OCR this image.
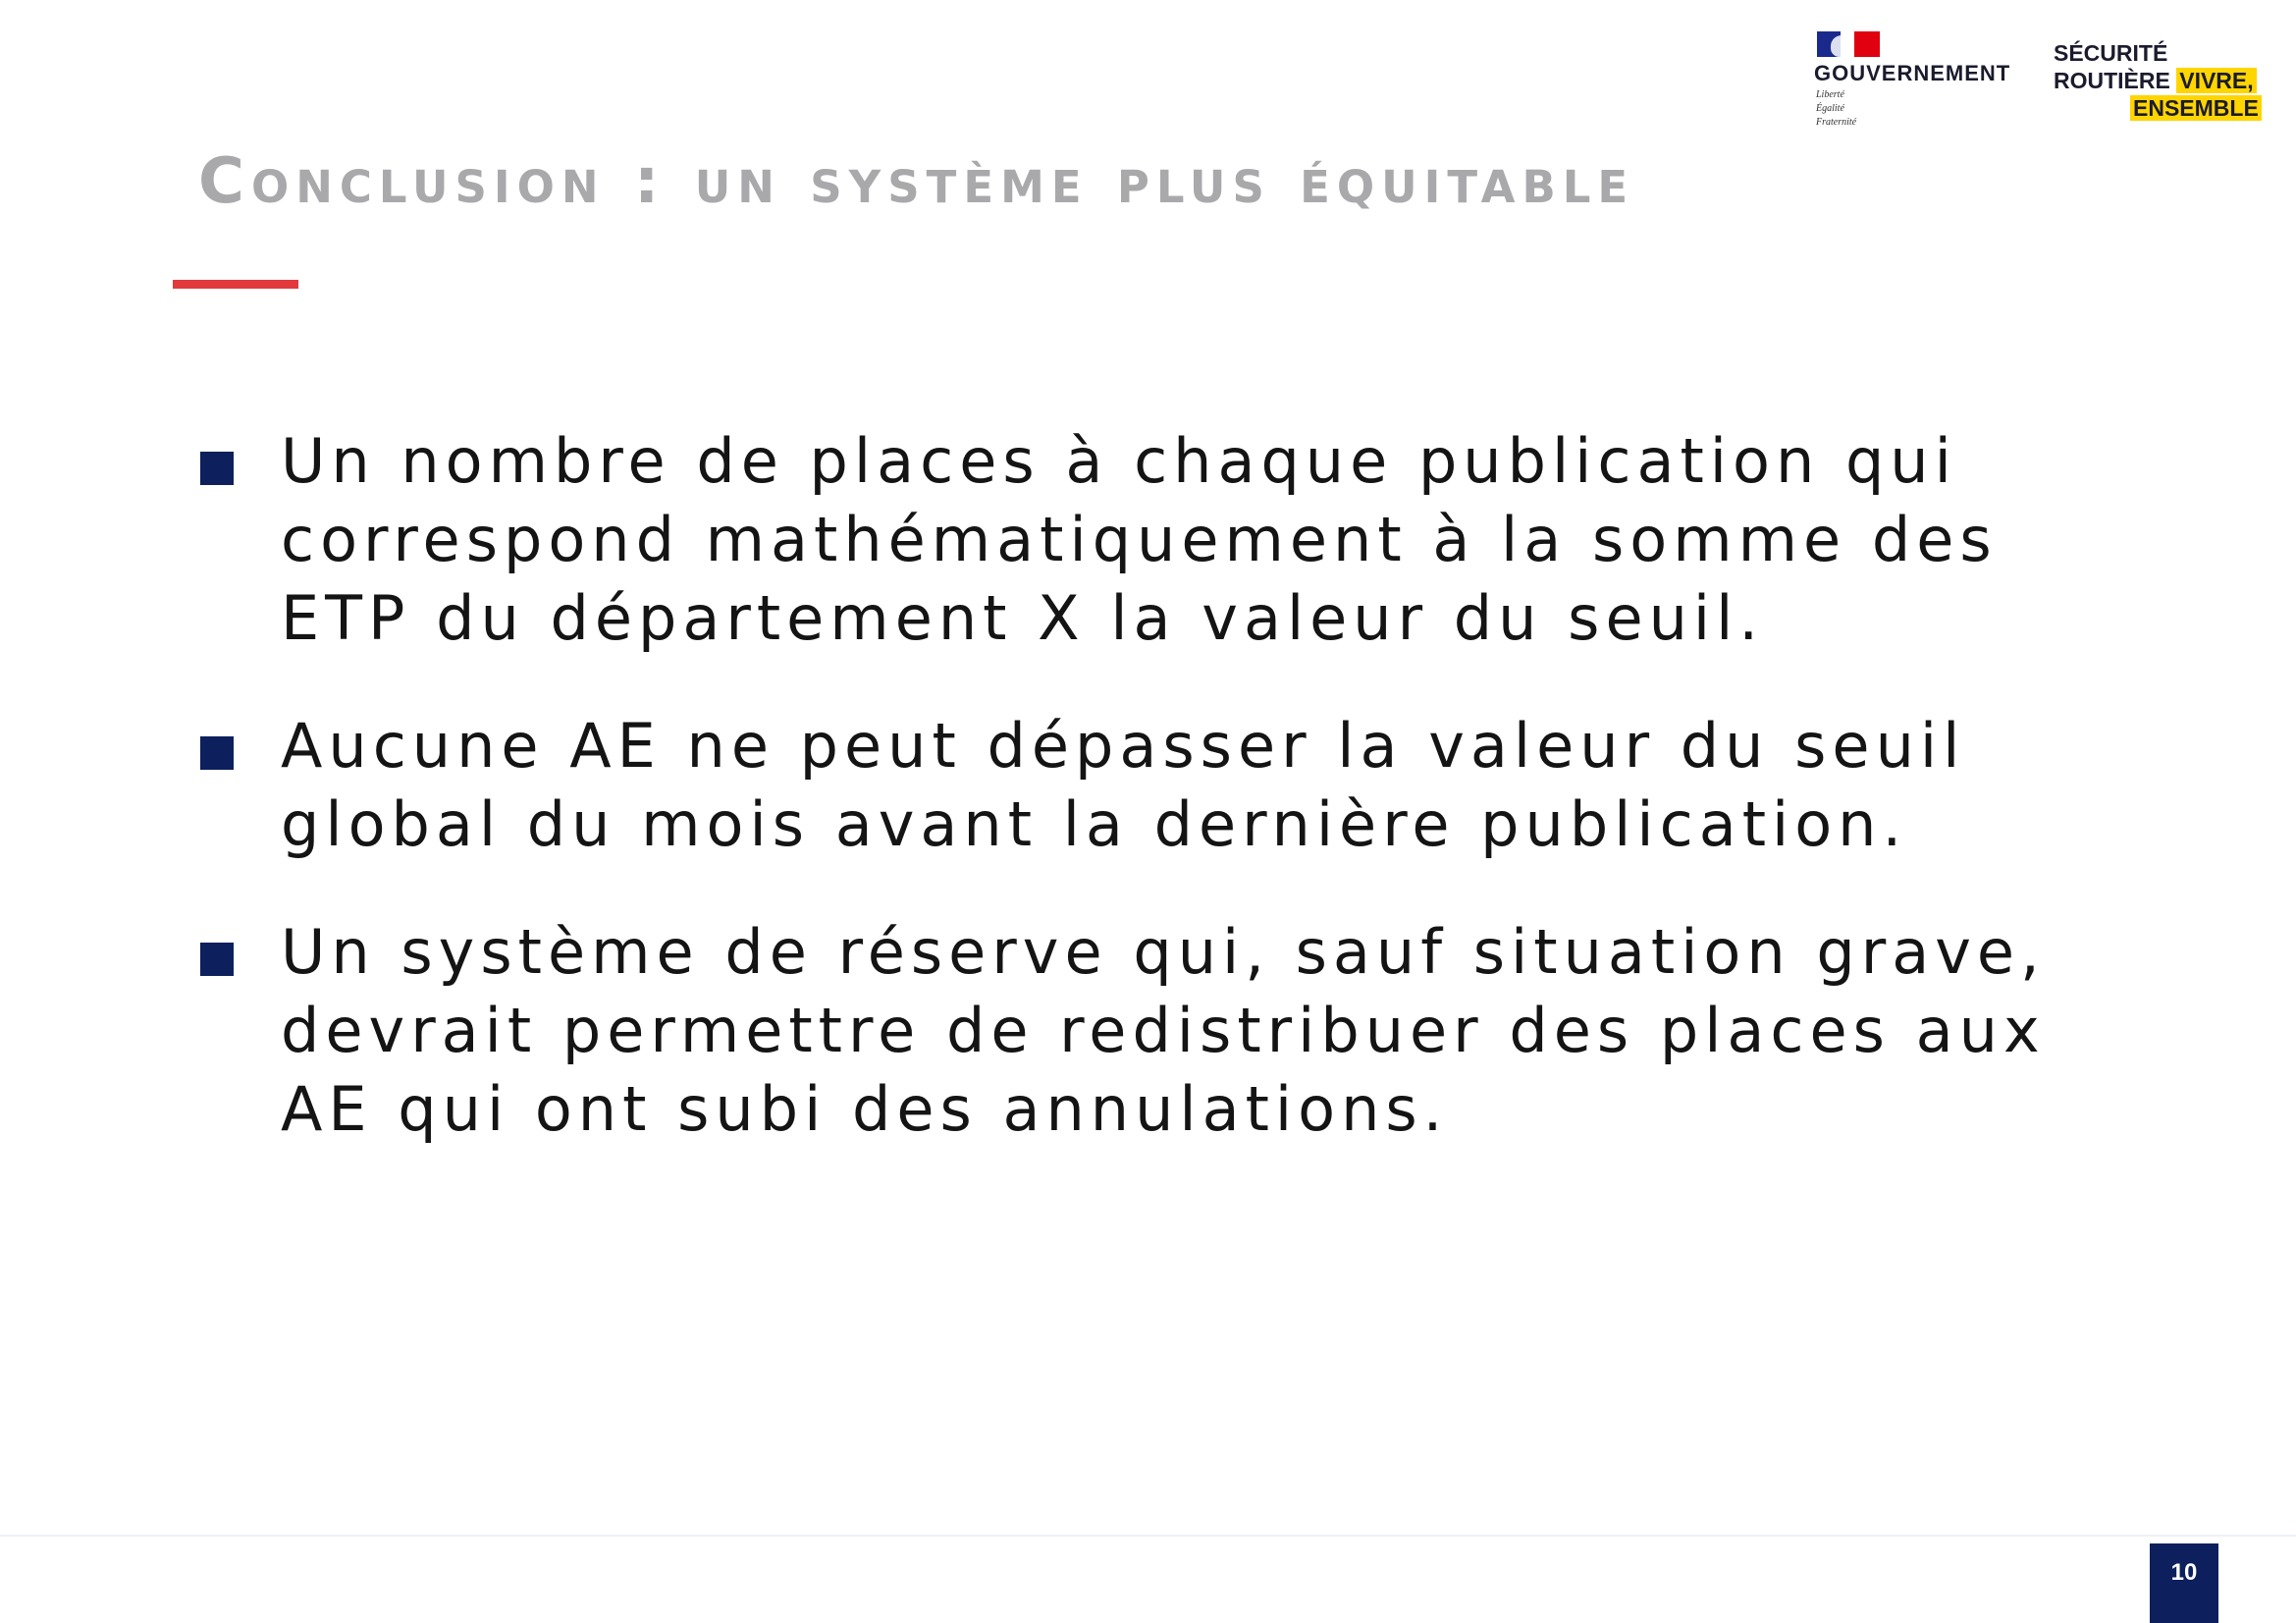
GOUVERNEMENT
Liberté
Égalité
Fraternité
SÉCURITÉ
ROUTIÈRE VIVRE,
ENSEMBLE
Conclusion : un système plus équitable
Un nombre de places à chaque publication qui
correspond mathématiquement à la somme des
ETP du département X la valeur du seuil.
Aucune AE ne peut dépasser la valeur du seuil
global du mois avant la dernière publication.
Un système de réserve qui, sauf situation grave,
devrait permettre de redistribuer des places aux
AE qui ont subi des annulations.
10
